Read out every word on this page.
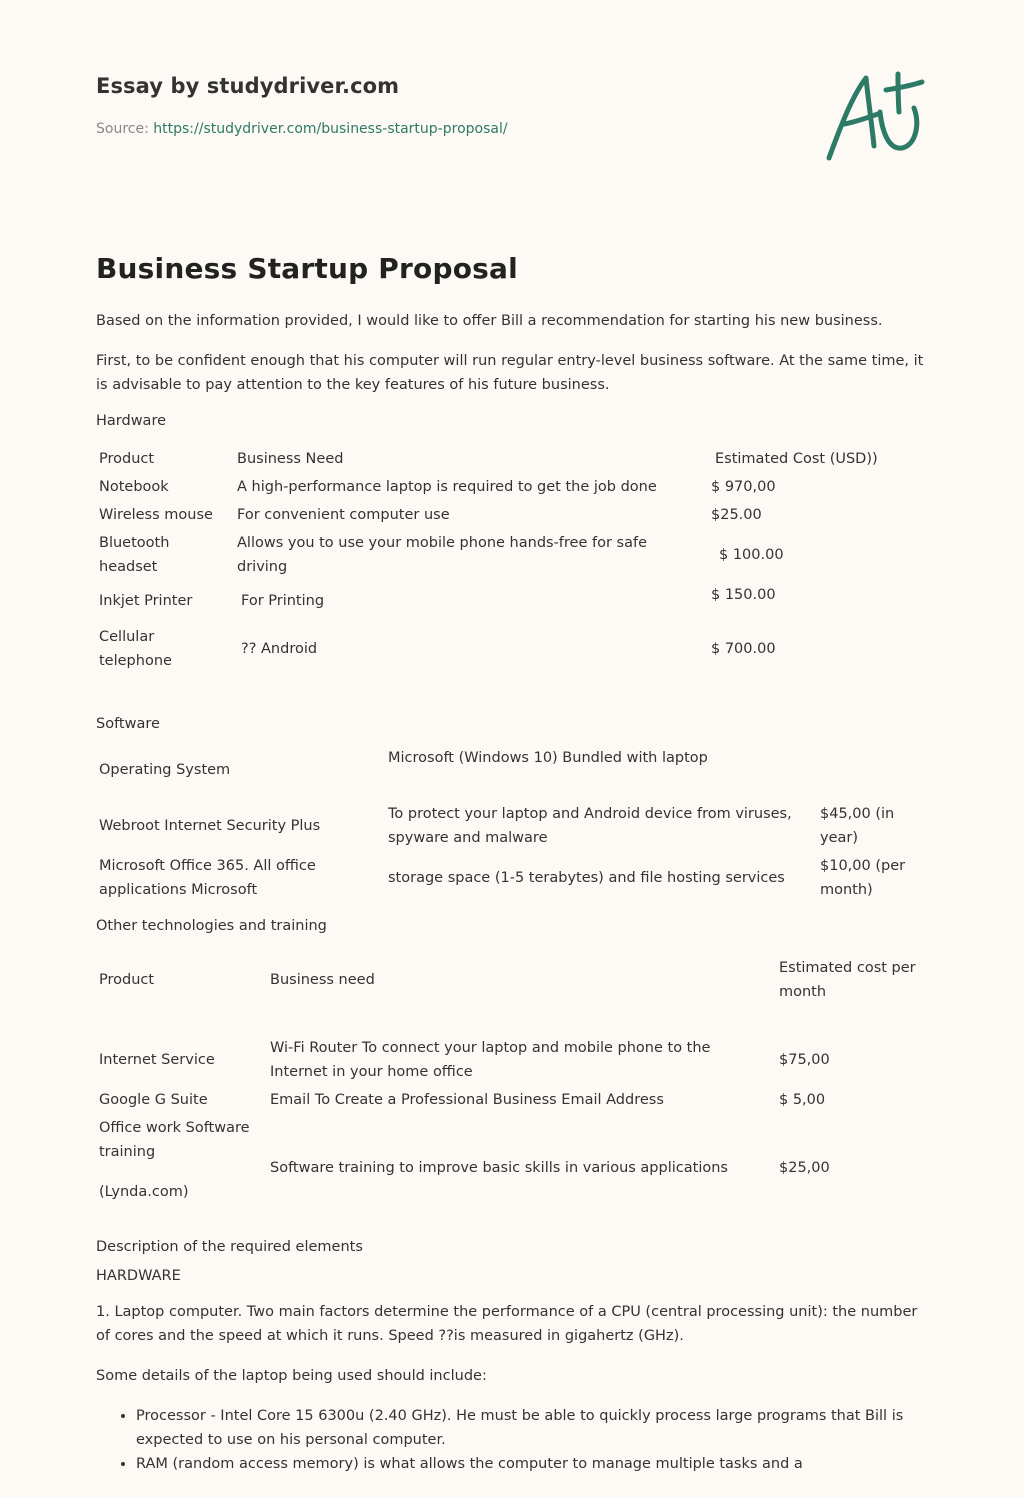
Essay by studydriver.com
Source: https://studydriver.com/business-startup-proposal/
Business Startup Proposal

Based on the information provided, I would like to offer Bill a recommendation for starting his new business.

First, to be confident enough that his computer will run regular entry-level business software. At the same time, it is advisable to pay attention to the key features of his future business.

Hardware
Product	Business Need	Estimated Cost (USD))
Notebook	A high-performance laptop is required to get the job done	$ 970,00
Wireless mouse	For convenient computer use	$25.00
Bluetooth headset	Allows you to use your mobile phone hands-free for safe driving	$ 100.00
Inkjet Printer	For Printing	$ 150.00
Cellular telephone	?? Android	$ 700.00
Software
Operating System	Microsoft (Windows 10) Bundled with laptop	
Webroot Internet Security Plus	To protect your laptop and Android device from viruses, spyware and malware	$45,00 (in year)
Microsoft Office 365. All office applications Microsoft	storage space (1-5 terabytes) and file hosting services	$10,00 (per month)
Other technologies and training
Product	Business need	Estimated cost per month
Internet Service	Wi-Fi Router To connect your laptop and mobile phone to the Internet in your home office	$75,00
Google G Suite	Email To Create a Professional Business Email Address	$ 5,00

Office work Software training
(Lynda.com)	Software training to improve basic skills in various applications	$25,00
Description of the required elements
HARDWARE

1. Laptop computer. Two main factors determine the performance of a CPU (central processing unit): the number of cores and the speed at which it runs. Speed ??is measured in gigahertz (GHz).

Some details of the laptop being used should include:

• Processor - Intel Core 15 6300u (2.40 GHz). He must be able to quickly process large programs that Bill is expected to use on his personal computer.
• RAM (random access memory) is what allows the computer to manage multiple tasks and a
